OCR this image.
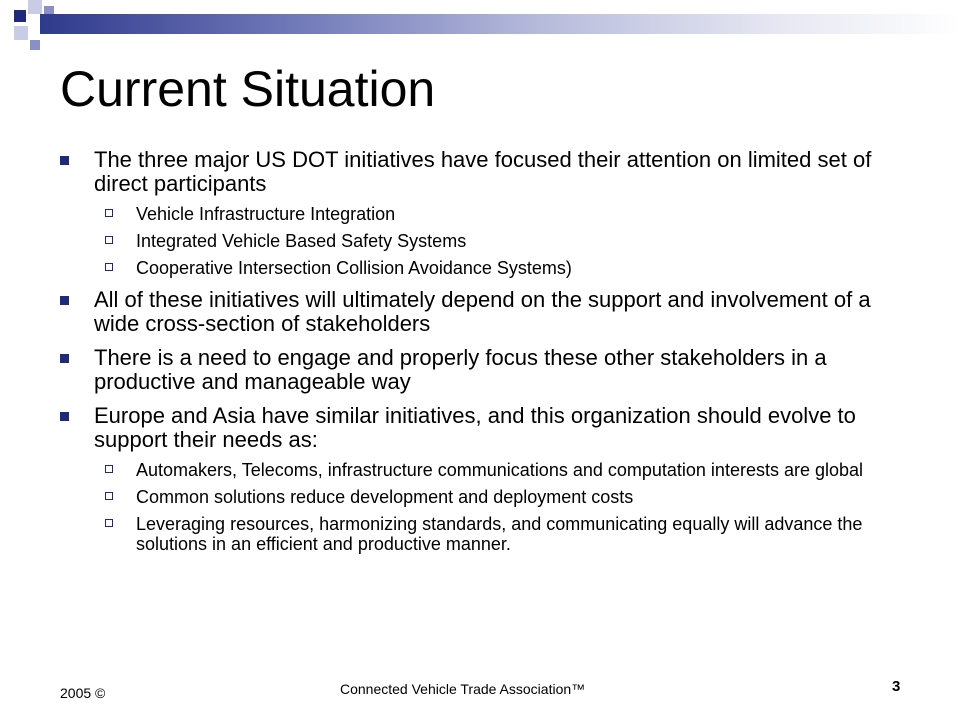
Current Situation
The three major US DOT initiatives have focused their attention on limited set of direct participants
Vehicle Infrastructure Integration
Integrated Vehicle Based Safety Systems
Cooperative Intersection Collision Avoidance Systems)
All of these initiatives will ultimately depend on the support and involvement of a wide cross-section of stakeholders
There is a need to engage and properly focus these other stakeholders in a productive and manageable way
Europe and Asia have similar initiatives, and this organization should evolve to support their needs as:
Automakers, Telecoms, infrastructure communications and computation interests are global
Common solutions reduce development and deployment costs
Leveraging resources, harmonizing standards, and communicating equally will advance the solutions in an efficient and productive manner.
2005 ©	Connected Vehicle Trade Association™	3
